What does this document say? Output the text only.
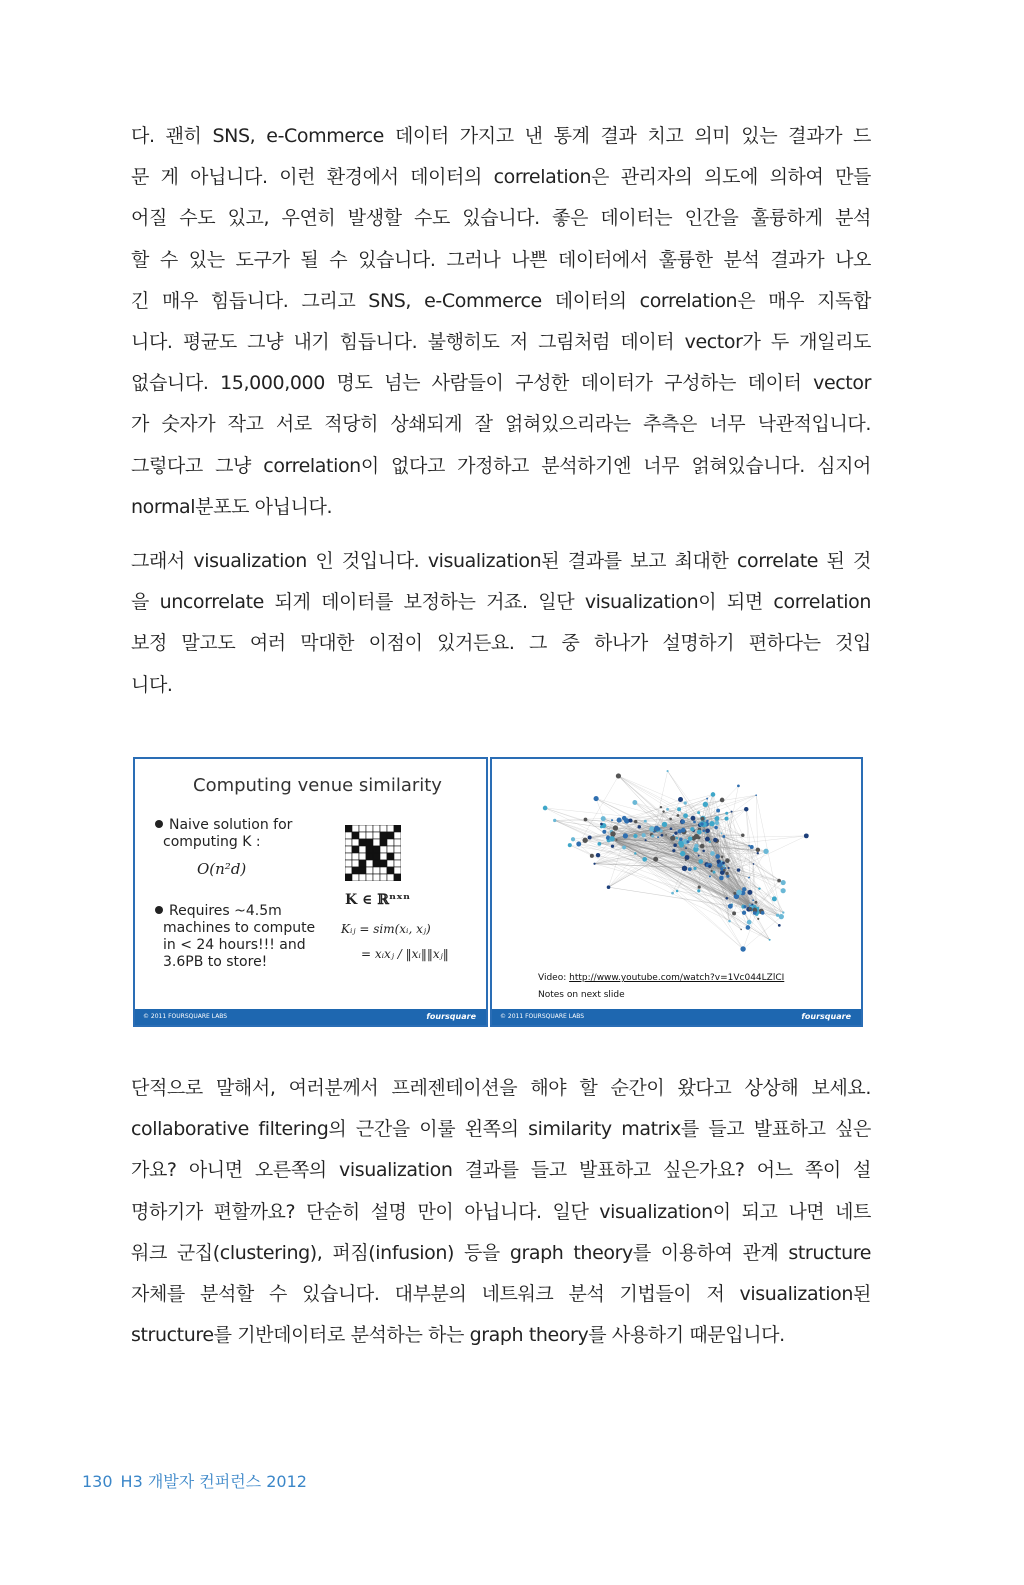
다. 괜히 SNS, e-Commerce 데이터 가지고 낸 통계 결과 치고 의미 있는 결과가 드
문 게 아닙니다. 이런 환경에서 데이터의 correlation은 관리자의 의도에 의하여 만들
어질 수도 있고, 우연히 발생할 수도 있습니다. 좋은 데이터는 인간을 훌륭하게 분석
할 수 있는 도구가 될 수 있습니다. 그러나 나쁜 데이터에서 훌륭한 분석 결과가 나오
긴 매우 힘듭니다. 그리고 SNS, e-Commerce 데이터의 correlation은 매우 지독합
니다. 평균도 그냥 내기 힘듭니다. 불행히도 저 그림처럼 데이터 vector가 두 개일리도
없습니다. 15,000,000 명도 넘는 사람들이 구성한 데이터가 구성하는 데이터 vector
가 숫자가 작고 서로 적당히 상쇄되게 잘 얽혀있으리라는 추측은 너무 낙관적입니다.
그렇다고 그냥 correlation이 없다고 가정하고 분석하기엔 너무 얽혀있습니다. 심지어
normal분포도 아닙니다.
그래서 visualization 인 것입니다. visualization된 결과를 보고 최대한 correlate 된 것
을 uncorrelate 되게 데이터를 보정하는 거죠. 일단 visualization이 되면 correlation
보정 말고도 여러 막대한 이점이 있거든요. 그 중 하나가 설명하기 편하다는 것입
니다.
Computing venue similarity
Naive solution for
computing K :
O(n²d)
K ∈ ℝⁿˣⁿ
Requires ~4.5m
machines to compute
in < 24 hours!!! and
3.6PB to store!
Kᵢⱼ = sim(xᵢ, xⱼ)
= xᵢxⱼ / ‖xᵢ‖‖xⱼ‖
© 2011 FOURSQUARE LABS	foursquare
Video: http://www.youtube.com/watch?v=1Vc044LZlCI
Notes on next slide
© 2011 FOURSQUARE LABS	foursquare
단적으로 말해서, 여러분께서 프레젠테이션을 해야 할 순간이 왔다고 상상해 보세요.
collaborative filtering의 근간을 이룰 왼쪽의 similarity matrix를 들고 발표하고 싶은
가요? 아니면 오른쪽의 visualization 결과를 들고 발표하고 싶은가요? 어느 쪽이 설
명하기가 편할까요? 단순히 설명 만이 아닙니다. 일단 visualization이 되고 나면 네트
워크 군집(clustering), 퍼짐(infusion) 등을 graph theory를 이용하여 관계 structure
자체를 분석할 수 있습니다. 대부분의 네트워크 분석 기법들이 저 visualization된
structure를 기반데이터로 분석하는 하는 graph theory를 사용하기 때문입니다.
130 H3 개발자 컨퍼런스 2012
